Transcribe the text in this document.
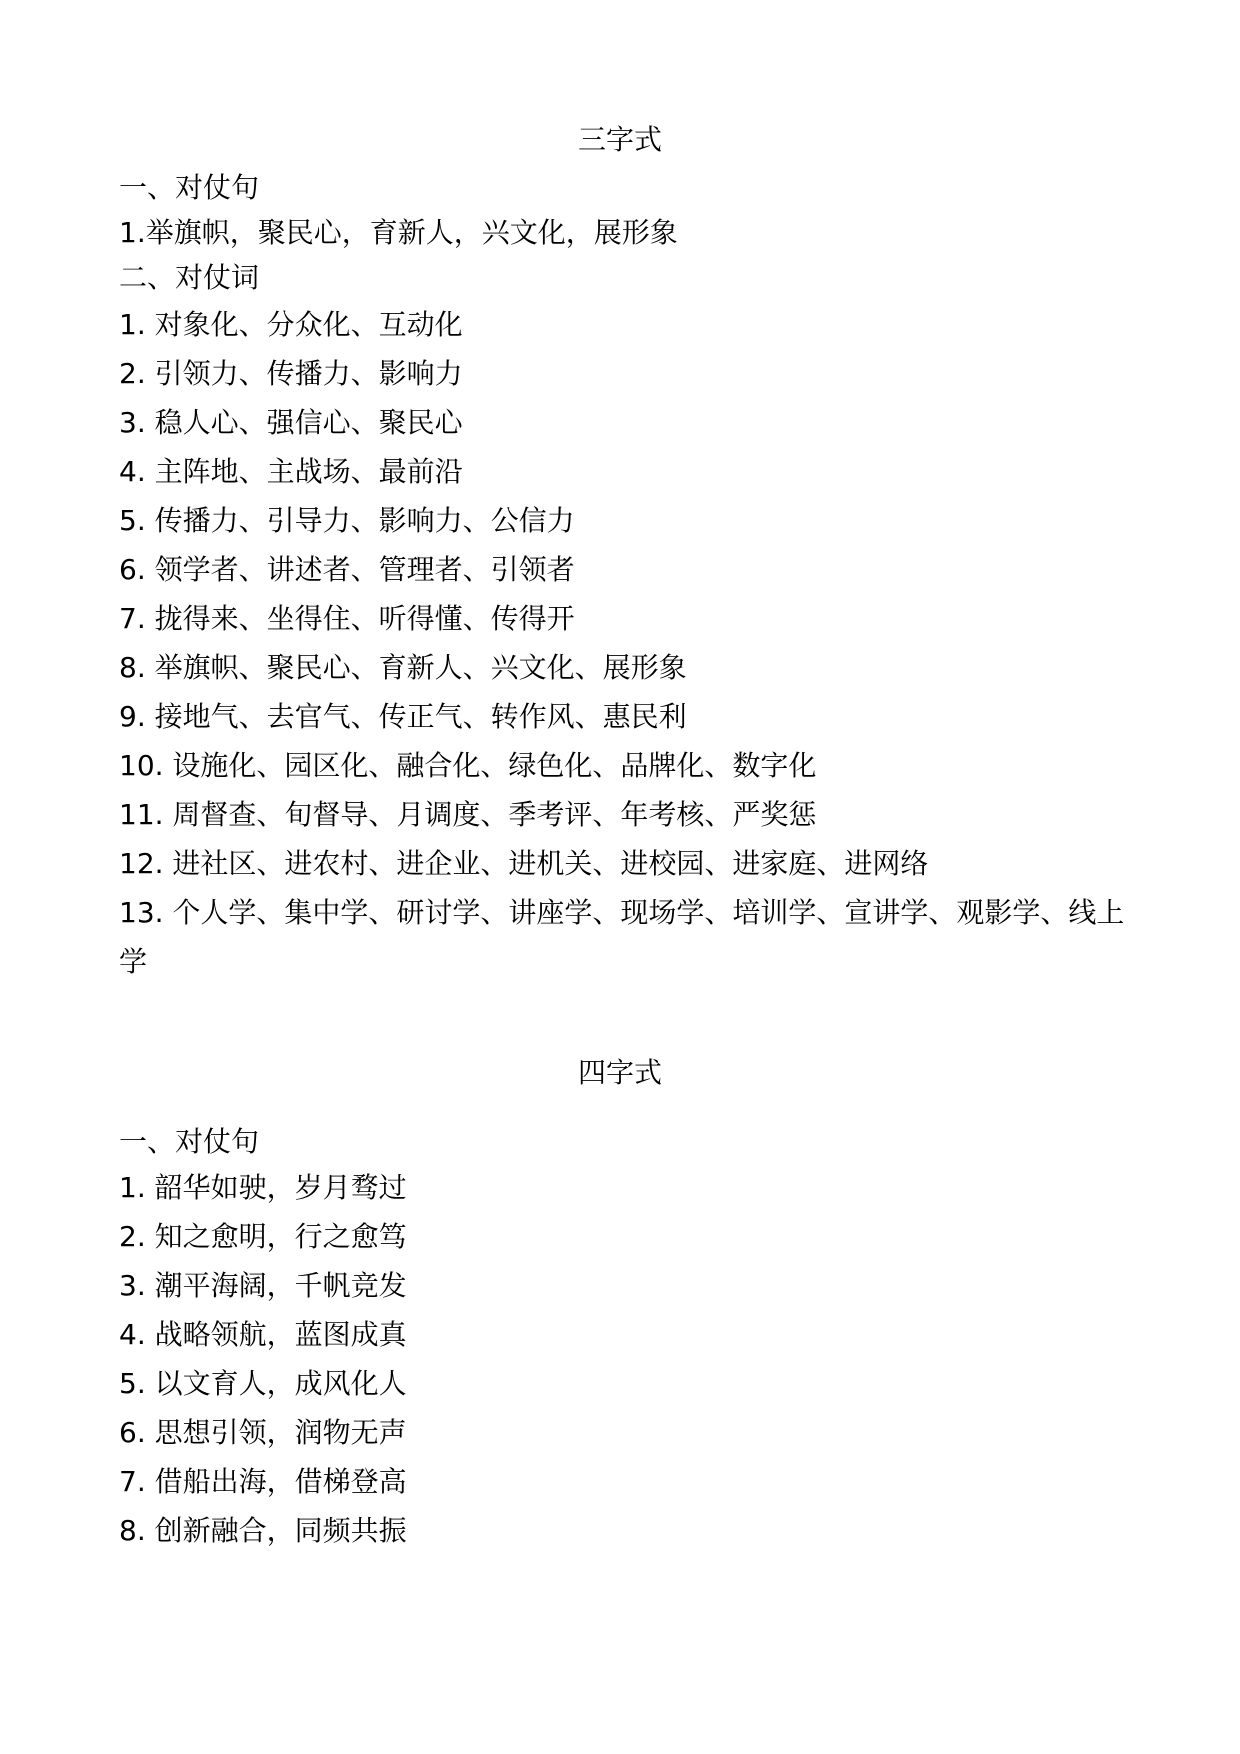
三字式
一、对仗句
1.举旗帜，聚民心，育新人，兴文化，展形象
二、对仗词
1. 对象化、分众化、互动化
2. 引领力、传播力、影响力
3. 稳人心、强信心、聚民心
4. 主阵地、主战场、最前沿
5. 传播力、引导力、影响力、公信力
6. 领学者、讲述者、管理者、引领者
7. 拢得来、坐得住、听得懂、传得开
8. 举旗帜、聚民心、育新人、兴文化、展形象
9. 接地气、去官气、传正气、转作风、惠民利
10. 设施化、园区化、融合化、绿色化、品牌化、数字化
11. 周督查、旬督导、月调度、季考评、年考核、严奖惩
12. 进社区、进农村、进企业、进机关、进校园、进家庭、进网络
13. 个人学、集中学、研讨学、讲座学、现场学、培训学、宣讲学、观影学、线上学
四字式
一、对仗句
1. 韶华如驶，岁月骛过
2. 知之愈明，行之愈笃
3. 潮平海阔，千帆竞发
4. 战略领航，蓝图成真
5. 以文育人，成风化人
6. 思想引领，润物无声
7. 借船出海，借梯登高
8. 创新融合，同频共振
